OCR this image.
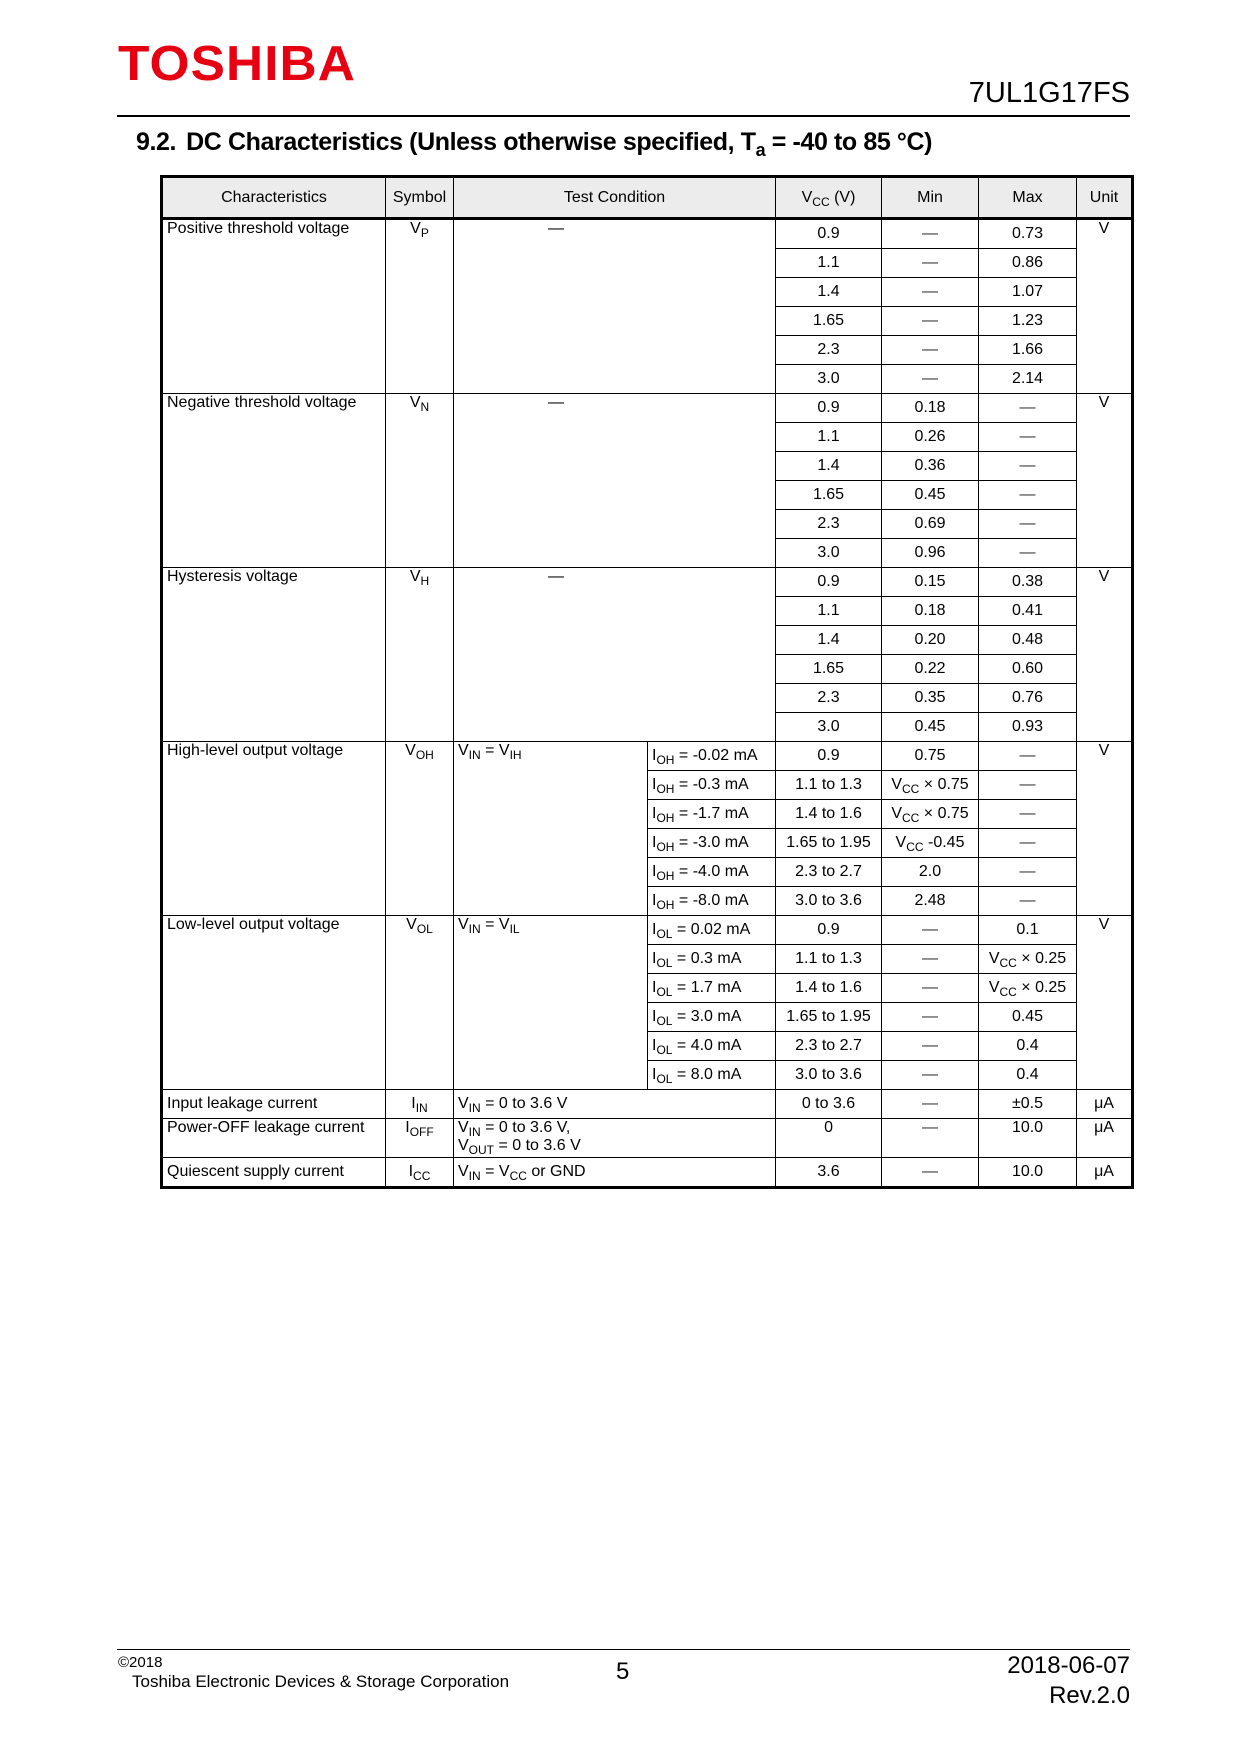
TOSHIBA
7UL1G17FS
9.2. DC Characteristics (Unless otherwise specified, $T_a = -40$ to 85 °C)
Characteristics	Symbol	Test Condition		$V_{CC}$ (V)	Min	Max	Unit
Positive threshold voltage	$V_P$	—		0.9	—	0.73	V
				1.1	—	0.86	
				1.4	—	1.07	
				1.65	—	1.23	
				2.3	—	1.66	
				3.0	—	2.14	
Negative threshold voltage	$V_N$	—		0.9	0.18	—	V
				1.1	0.26	—	
				1.4	0.36	—	
				1.65	0.45	—	
				2.3	0.69	—	
				3.0	0.96	—	
Hysteresis voltage	$V_H$	—		0.9	0.15	0.38	V
				1.1	0.18	0.41	
				1.4	0.20	0.48	
				1.65	0.22	0.60	
				2.3	0.35	0.76	
				3.0	0.45	0.93	
High-level output voltage	$V_{OH}$	$V_{IN} = V_{IH}$	$I_{OH} = -0.02$ mA	0.9	0.75	—	V
			$I_{OH} = -0.3$ mA	1.1 to 1.3	$V_{CC} \times 0.75$	—	
			$I_{OH} = -1.7$ mA	1.4 to 1.6	$V_{CC} \times 0.75$	—	
			$I_{OH} = -3.0$ mA	1.65 to 1.95	$V_{CC}$ -0.45	—	
			$I_{OH} = -4.0$ mA	2.3 to 2.7	2.0	—	
			$I_{OH} = -8.0$ mA	3.0 to 3.6	2.48	—	
Low-level output voltage	$V_{OL}$	$V_{IN} = V_{IL}$	$I_{OL} = 0.02$ mA	0.9	—	0.1	V
			$I_{OL} = 0.3$ mA	1.1 to 1.3	—	$V_{CC} \times 0.25$	
			$I_{OL} = 1.7$ mA	1.4 to 1.6	—	$V_{CC} \times 0.25$	
			$I_{OL} = 3.0$ mA	1.65 to 1.95	—	0.45	
			$I_{OL} = 4.0$ mA	2.3 to 2.7	—	0.4	
			$I_{OL} = 8.0$ mA	3.0 to 3.6	—	0.4	
Input leakage current	$I_{IN}$	$V_{IN} = 0$ to 3.6 V		0 to 3.6	—	±0.5	μA
Power-OFF leakage current	$I_{OFF}$	$V_{IN} = 0$ to 3.6 V,
$V_{OUT} = 0$ to 3.6 V		0	—	10.0	μA
Quiescent supply current	$I_{CC}$	$V_{IN} = V_{CC}$ or GND		3.6	—	10.0	μA
©2018
Toshiba Electronic Devices & Storage Corporation	5	2018-06-07
Rev.2.0
